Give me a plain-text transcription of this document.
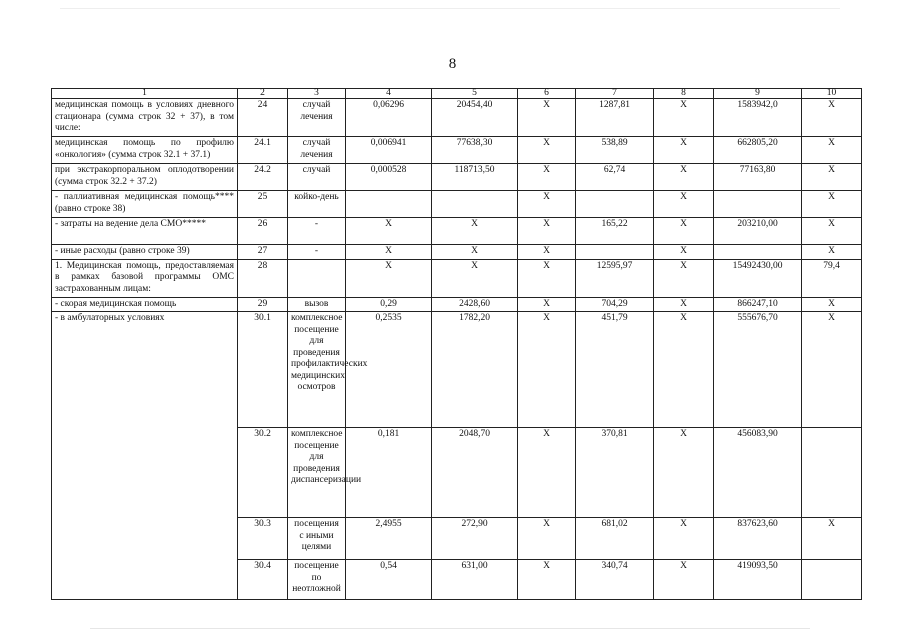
8
1	2	3	4	5	6	7	8	9	10
медицинская помощь в условиях дневного стационара (сумма строк 32 + 37), в том числе:	24	случай лечения	0,06296	20454,40	Х	1287,81	Х	1583942,0	Х
медицинская помощь по профилю «онкология» (сумма строк 32.1 + 37.1)	24.1	случай лечения	0,006941	77638,30	Х	538,89	Х	662805,20	Х
при экстракорпоральном оплодотворении (сумма строк 32.2 + 37.2)	24.2	случай	0,000528	118713,50	Х	62,74	Х	77163,80	Х
- паллиативная медицинская помощь**** (равно строке 38)	25	койко-день			Х		Х		Х
- затраты на ведение дела СМО*****	26	-	Х	Х	Х	165,22	Х	203210,00	Х
- иные расходы (равно строке 39)	27	-	Х	Х	Х		Х		Х
1. Медицинская помощь, предоставляемая в рамках базовой программы ОМС застрахованным лицам:	28		Х	Х	Х	12595,97	Х	15492430,00	79,4
- скорая медицинская помощь	29	вызов	0,29	2428,60	Х	704,29	Х	866247,10	Х
- в амбулаторных условиях	30.1	комплексное посещение для проведения профилактических медицинских осмотров	0,2535	1782,20	Х	451,79	Х	555676,70	Х
	30.2	комплексное посещение для проведения диспансеризации	0,181	2048,70	Х	370,81	Х	456083,90	
	30.3	посещения с иными целями	2,4955	272,90	Х	681,02	Х	837623,60	Х
	30.4	посещение по неотложной	0,54	631,00	Х	340,74	Х	419093,50	
